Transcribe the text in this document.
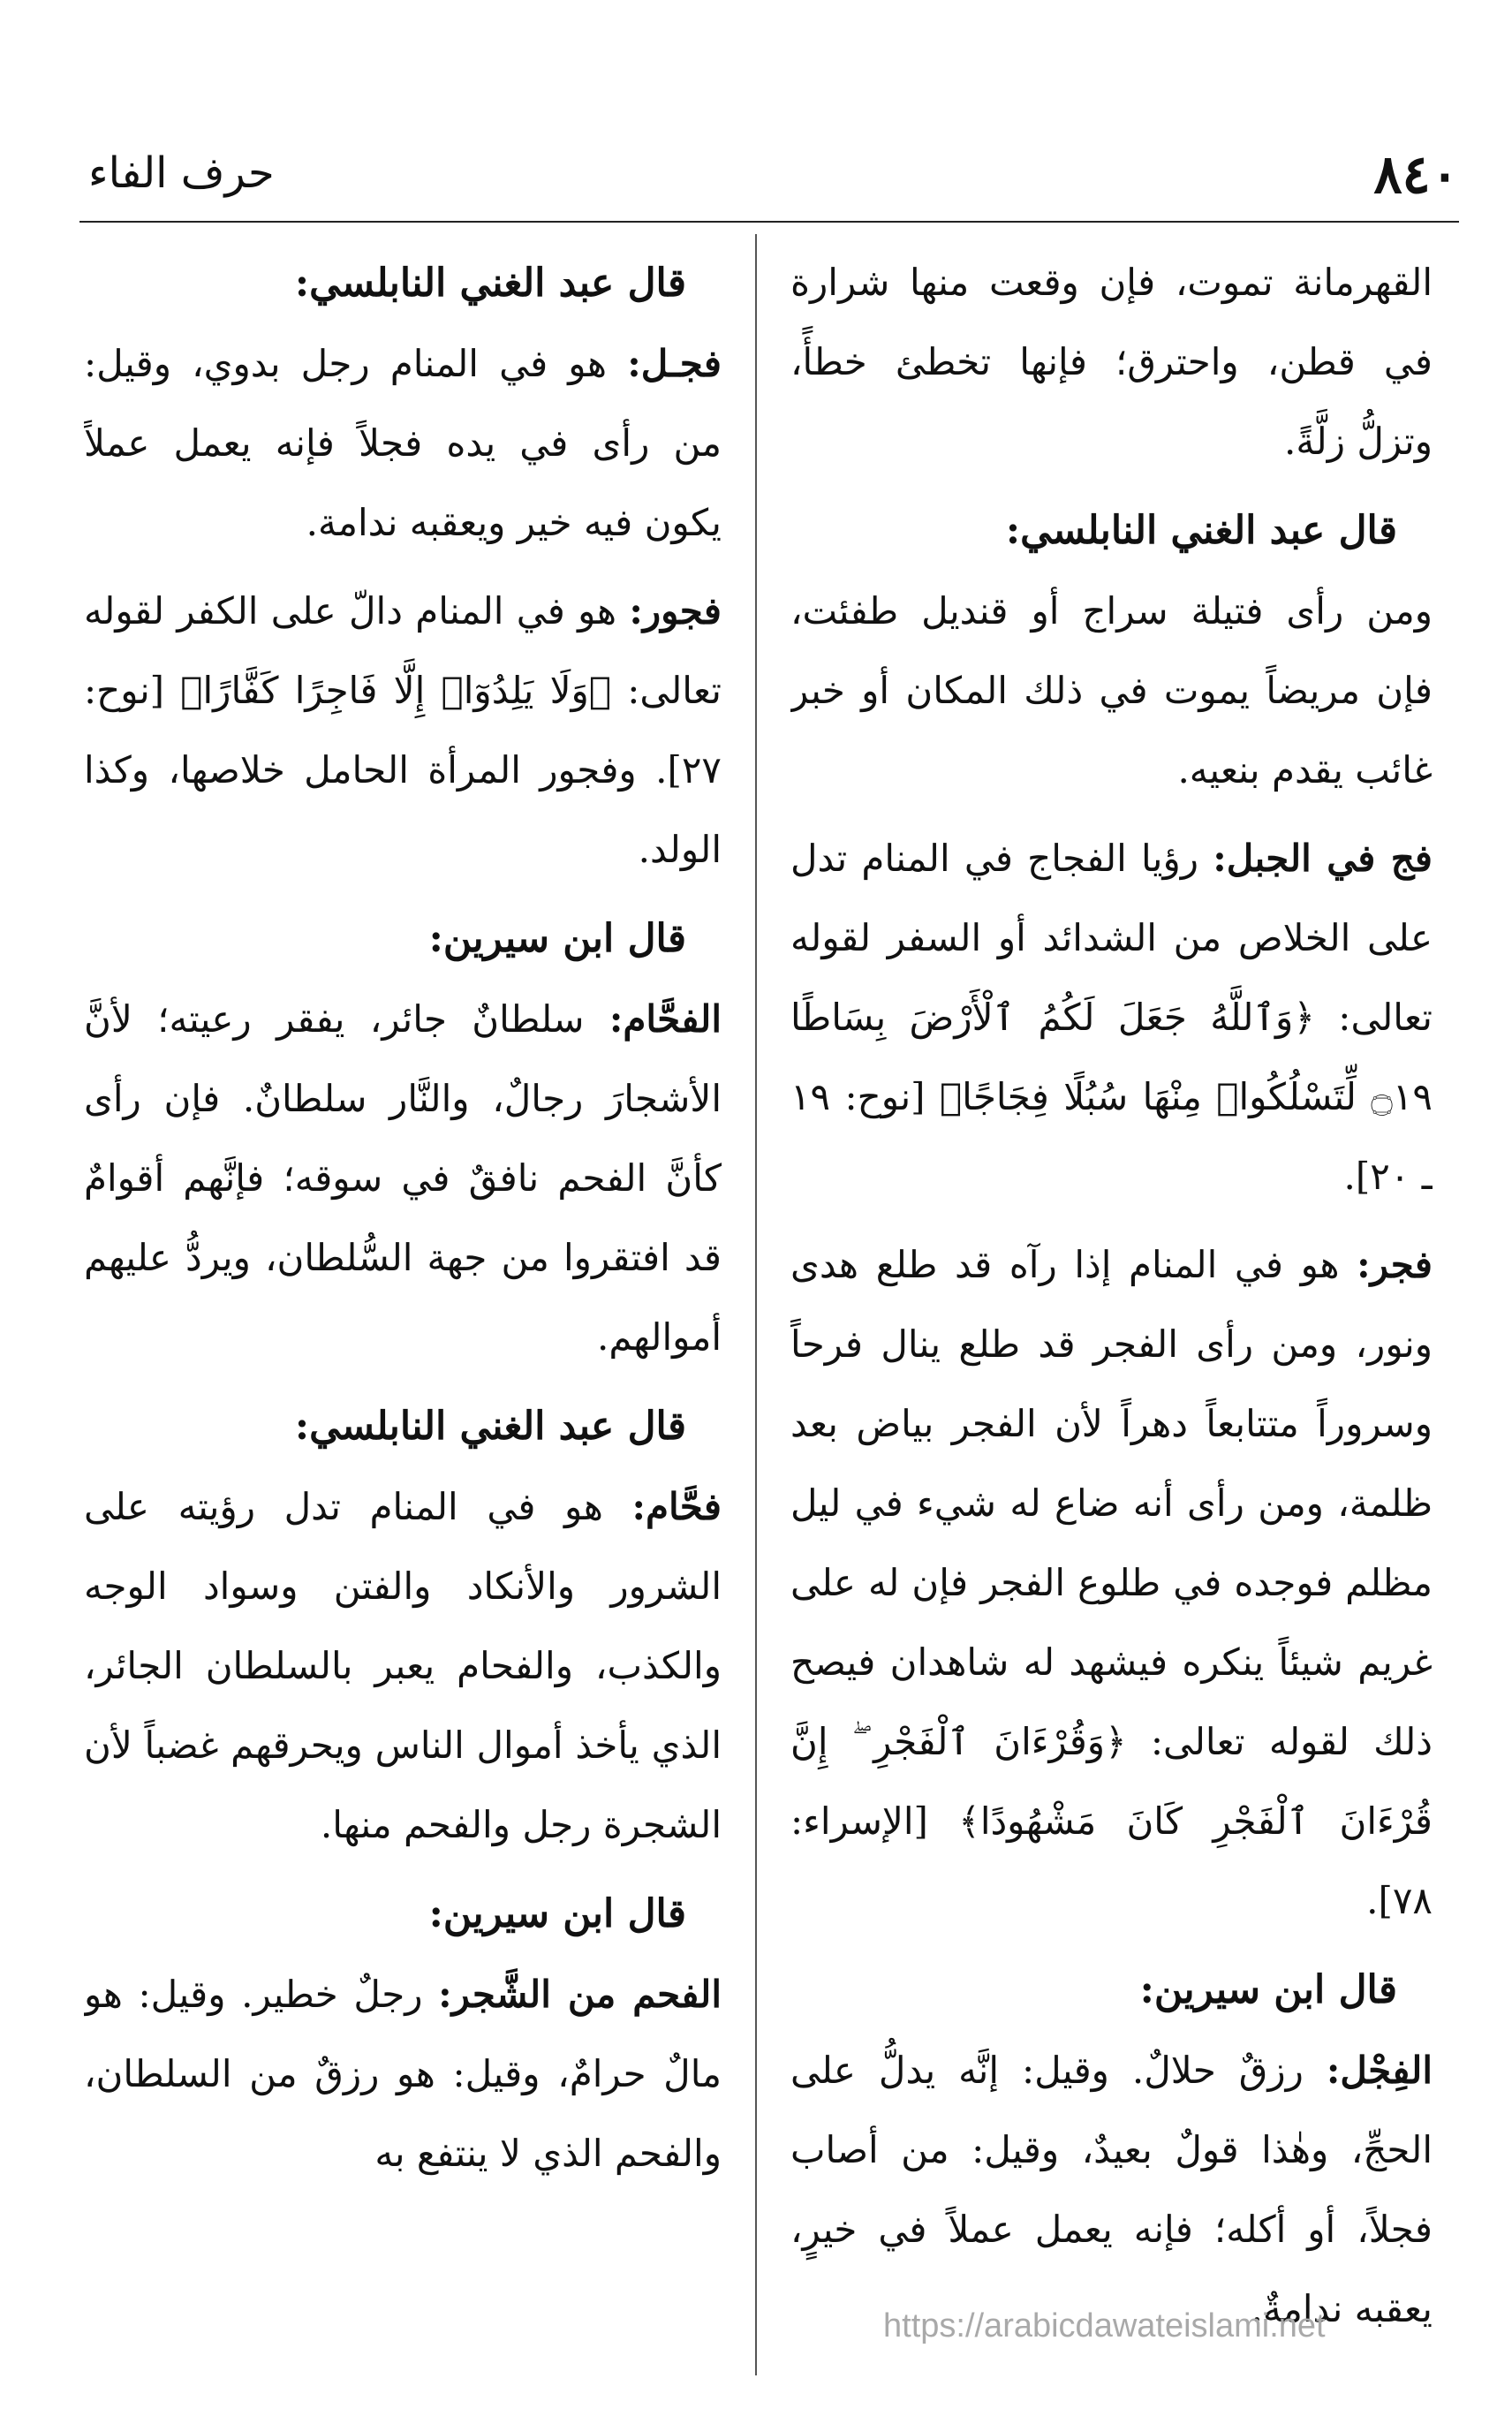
٨٤٠
حرف الفاء

القهرمانة تموت، فإن وقعت منها شرارة في قطن، واحترق؛ فإنها تخطئ خطأً، وتزلُّ زلَّةً.

قال عبد الغني النابلسي:

ومن رأى فتيلة سراج أو قنديل طفئت، فإن مريضاً يموت في ذلك المكان أو خبر غائب يقدم بنعيه.

فج في الجبل: رؤيا الفجاج في المنام تدل على الخلاص من الشدائد أو السفر لقوله تعالى: ﴿وَٱللَّهُ جَعَلَ لَكُمُ ٱلْأَرْضَ بِسَاطًا ۝١٩ لِّتَسْلُكُوا۟ مِنْهَا سُبُلًا فِجَاجًا﴾ [نوح: ١٩ ـ ٢٠].

فجر: هو في المنام إذا رآه قد طلع هدى ونور، ومن رأى الفجر قد طلع ينال فرحاً وسروراً متتابعاً دهراً لأن الفجر بياض بعد ظلمة، ومن رأى أنه ضاع له شيء في ليل مظلم فوجده في طلوع الفجر فإن له على غريم شيئاً ينكره فيشهد له شاهدان فيصح ذلك لقوله تعالى: ﴿وَقُرْءَانَ ٱلْفَجْرِ ۖ إِنَّ قُرْءَانَ ٱلْفَجْرِ كَانَ مَشْهُودًا﴾ [الإسراء: ٧٨].

قال ابن سيرين:

الفِجْل: رزقٌ حلالٌ. وقيل: إنَّه يدلُّ على الحجِّ، وهٰذا قولٌ بعيدٌ، وقيل: من أصاب فجلاً، أو أكله؛ فإنه يعمل عملاً في خيرٍ، يعقبه ندامةٌ.

قال عبد الغني النابلسي:

فجـل: هو في المنام رجل بدوي، وقيل: من رأى في يده فجلاً فإنه يعمل عملاً يكون فيه خير ويعقبه ندامة.

فجور: هو في المنام دالّ على الكفر لقوله تعالى: ﴿وَلَا يَلِدُوٓا۟ إِلَّا فَاجِرًا كَفَّارًا﴾ [نوح: ٢٧]. وفجور المرأة الحامل خلاصها، وكذا الولد.

قال ابن سيرين:

الفحَّام: سلطانٌ جائر، يفقر رعيته؛ لأنَّ الأشجارَ رجالٌ، والنَّار سلطانٌ. فإن رأى كأنَّ الفحم نافقٌ في سوقه؛ فإنَّهم أقوامٌ قد افتقروا من جهة السُّلطان، ويردُّ عليهم أموالهم.

قال عبد الغني النابلسي:

فحَّام: هو في المنام تدل رؤيته على الشرور والأنكاد والفتن وسواد الوجه والكذب، والفحام يعبر بالسلطان الجائر، الذي يأخذ أموال الناس ويحرقهم غضباً لأن الشجرة رجل والفحم منها.

قال ابن سيرين:

الفحم من الشَّجر: رجلٌ خطير. وقيل: هو مالٌ حرامٌ، وقيل: هو رزقٌ من السلطان، والفحم الذي لا ينتفع به

https://arabicdawateislami.net
